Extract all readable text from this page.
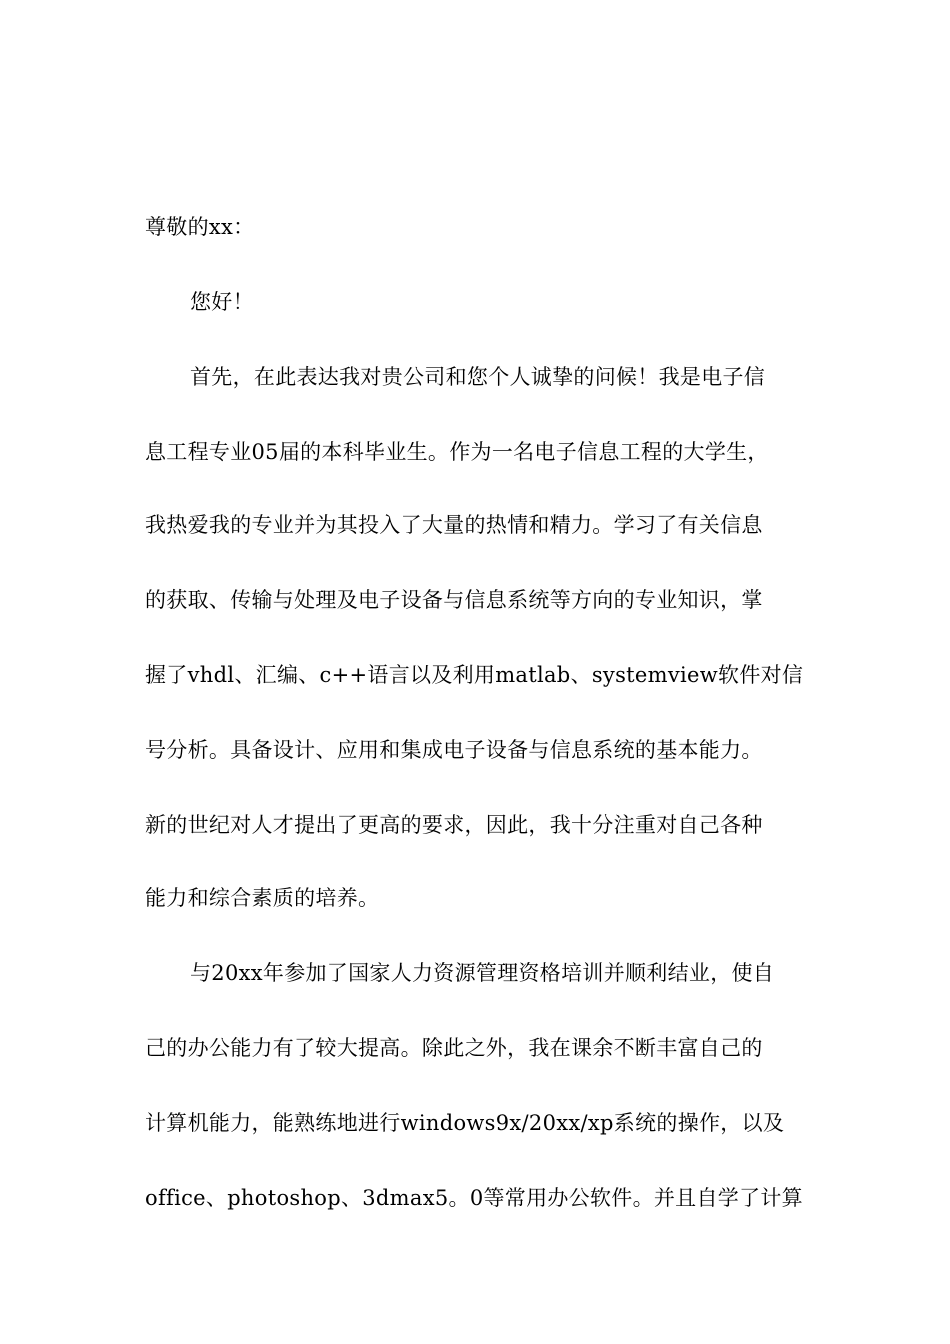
尊敬的xx：
您好！
首先，在此表达我对贵公司和您个人诚挚的问候！我是电子信
息工程专业05届的本科毕业生。作为一名电子信息工程的大学生，
我热爱我的专业并为其投入了大量的热情和精力。学习了有关信息
的获取、传输与处理及电子设备与信息系统等方向的专业知识，掌
握了vhdl、汇编、c++语言以及利用matlab、systemview软件对信
号分析。具备设计、应用和集成电子设备与信息系统的基本能力。
新的世纪对人才提出了更高的要求，因此，我十分注重对自己各种
能力和综合素质的培养。
与20xx年参加了国家人力资源管理资格培训并顺利结业，使自
己的办公能力有了较大提高。除此之外，我在课余不断丰富自己的
计算机能力，能熟练地进行windows9x/20xx/xp系统的操作，以及
office、photoshop、3dmax5。0等常用办公软件。并且自学了计算
